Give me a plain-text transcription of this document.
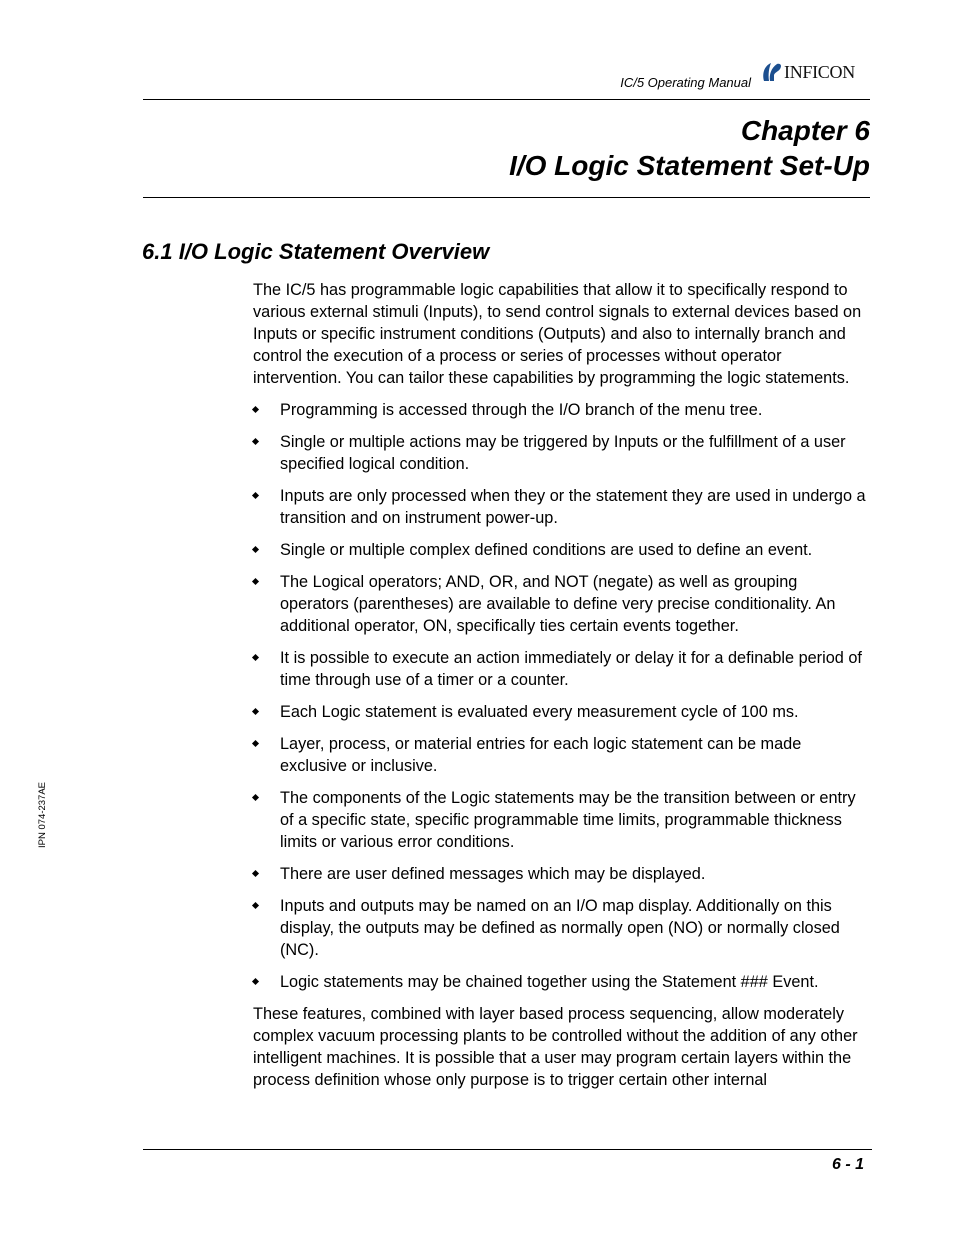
IC/5 Operating Manual
INFICON
Chapter 6
I/O Logic Statement Set-Up
6.1 I/O Logic Statement Overview

The IC/5 has programmable logic capabilities that allow it to specifically respond to various external stimuli (Inputs), to send control signals to external devices based on Inputs or specific instrument conditions (Outputs) and also to internally branch and control the execution of a process or series of processes without operator intervention. You can tailor these capabilities by programming the logic statements.

Programming is accessed through the I/O branch of the menu tree.
Single or multiple actions may be triggered by Inputs or the fulfillment of a user specified logical condition.
Inputs are only processed when they or the statement they are used in undergo a transition and on instrument power-up.
Single or multiple complex defined conditions are used to define an event.
The Logical operators; AND, OR, and NOT (negate) as well as grouping operators (parentheses) are available to define very precise conditionality. An additional operator, ON, specifically ties certain events together.
It is possible to execute an action immediately or delay it for a definable period of time through use of a timer or a counter.
Each Logic statement is evaluated every measurement cycle of 100 ms.
Layer, process, or material entries for each logic statement can be made exclusive or inclusive.
The components of the Logic statements may be the transition between or entry of a specific state, specific programmable time limits, programmable thickness limits or various error conditions.
There are user defined messages which may be displayed.
Inputs and outputs may be named on an I/O map display. Additionally on this display, the outputs may be defined as normally open (NO) or normally closed (NC).
Logic statements may be chained together using the Statement ### Event.

These features, combined with layer based process sequencing, allow moderately complex vacuum processing plants to be controlled without the addition of any other intelligent machines. It is possible that a user may program certain layers within the process definition whose only purpose is to trigger certain other internal

IPN 074-237AE
6 - 1
